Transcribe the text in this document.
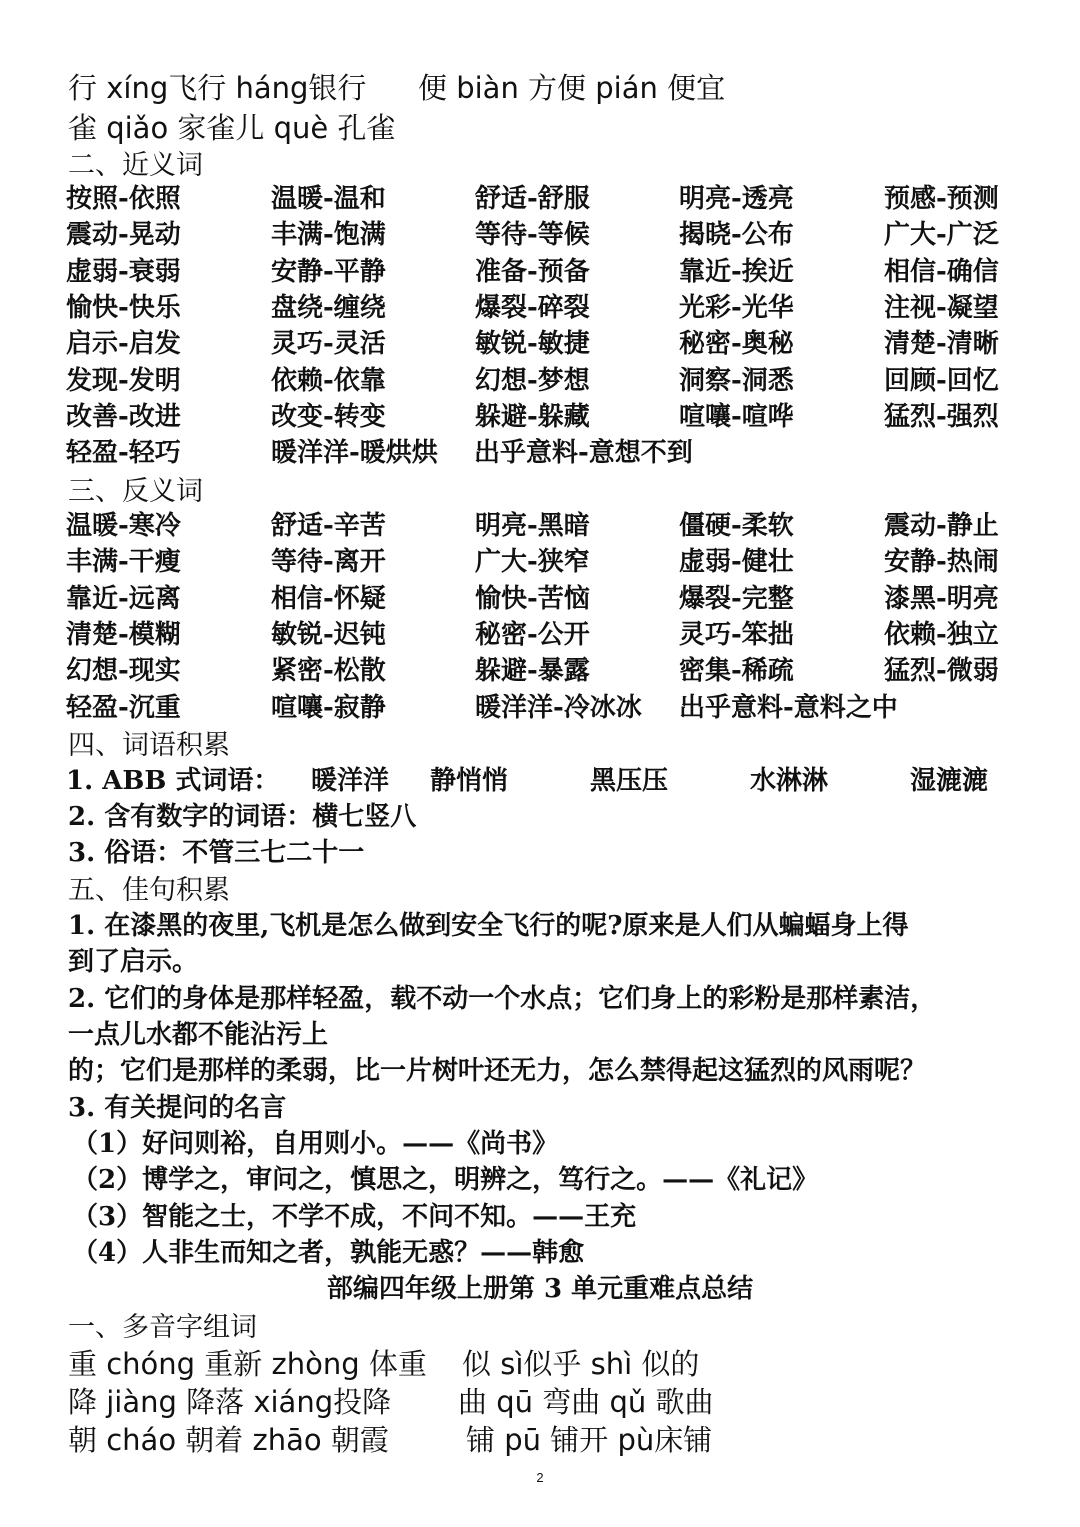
行 xíng飞行 háng银行 便 biàn 方便 pián 便宜
雀 qiǎo 家雀儿 què 孔雀
二、近义词
按照-依照	温暖-温和	舒适-舒服	明亮-透亮	预感-预测
震动-晃动	丰满-饱满	等待-等候	揭晓-公布	广大-广泛
虚弱-衰弱	安静-平静	准备-预备	靠近-挨近	相信-确信
愉快-快乐	盘绕-缠绕	爆裂-碎裂	光彩-光华	注视-凝望
启示-启发	灵巧-灵活	敏锐-敏捷	秘密-奥秘	清楚-清晰
发现-发明	依赖-依靠	幻想-梦想	洞察-洞悉	回顾-回忆
改善-改进	改变-转变	躲避-躲藏	喧嚷-喧哗	猛烈-强烈
轻盈-轻巧	暖洋洋-暖烘烘 出乎意料-意想不到
三、反义词
温暖-寒冷	舒适-辛苦	明亮-黑暗	僵硬-柔软	震动-静止
丰满-干瘦	等待-离开	广大-狭窄	虚弱-健壮	安静-热闹
靠近-远离	相信-怀疑	愉快-苦恼	爆裂-完整	漆黑-明亮
清楚-模糊	敏锐-迟钝	秘密-公开	灵巧-笨拙	依赖-独立
幻想-现实	紧密-松散	躲避-暴露	密集-稀疏	猛烈-微弱
轻盈-沉重	喧嚷-寂静	暖洋洋-冷冰冰 出乎意料-意料之中
四、词语积累
1. ABB 式词语： 暖洋洋 静悄悄	黑压压	水淋淋	湿漉漉
2. 含有数字的词语：横七竖八
3. 俗语：不管三七二十一
五、佳句积累
1. 在漆黑的夜里,飞机是怎么做到安全飞行的呢?原来是人们从蝙蝠身上得
到了启示。
2. 它们的身体是那样轻盈，载不动一个水点；它们身上的彩粉是那样素洁，
一点儿水都不能沾污上
的；它们是那样的柔弱，比一片树叶还无力，怎么禁得起这猛烈的风雨呢？
3. 有关提问的名言
（1）好问则裕，自用则小。——《尚书》
（2）博学之，审问之，慎思之，明辨之，笃行之。——《礼记》
（3）智能之士，不学不成，不问不知。——王充
（4）人非生而知之者，孰能无惑？——韩愈
部编四年级上册第 3 单元重难点总结
一、多音字组词
重 chóng 重新 zhòng 体重 似 sì似乎 shì 似的
降 jiàng 降落 xiáng投降 曲 qū 弯曲 qǔ 歌曲
朝 cháo 朝着 zhāo 朝霞	铺 pū 铺开 pù床铺
2
